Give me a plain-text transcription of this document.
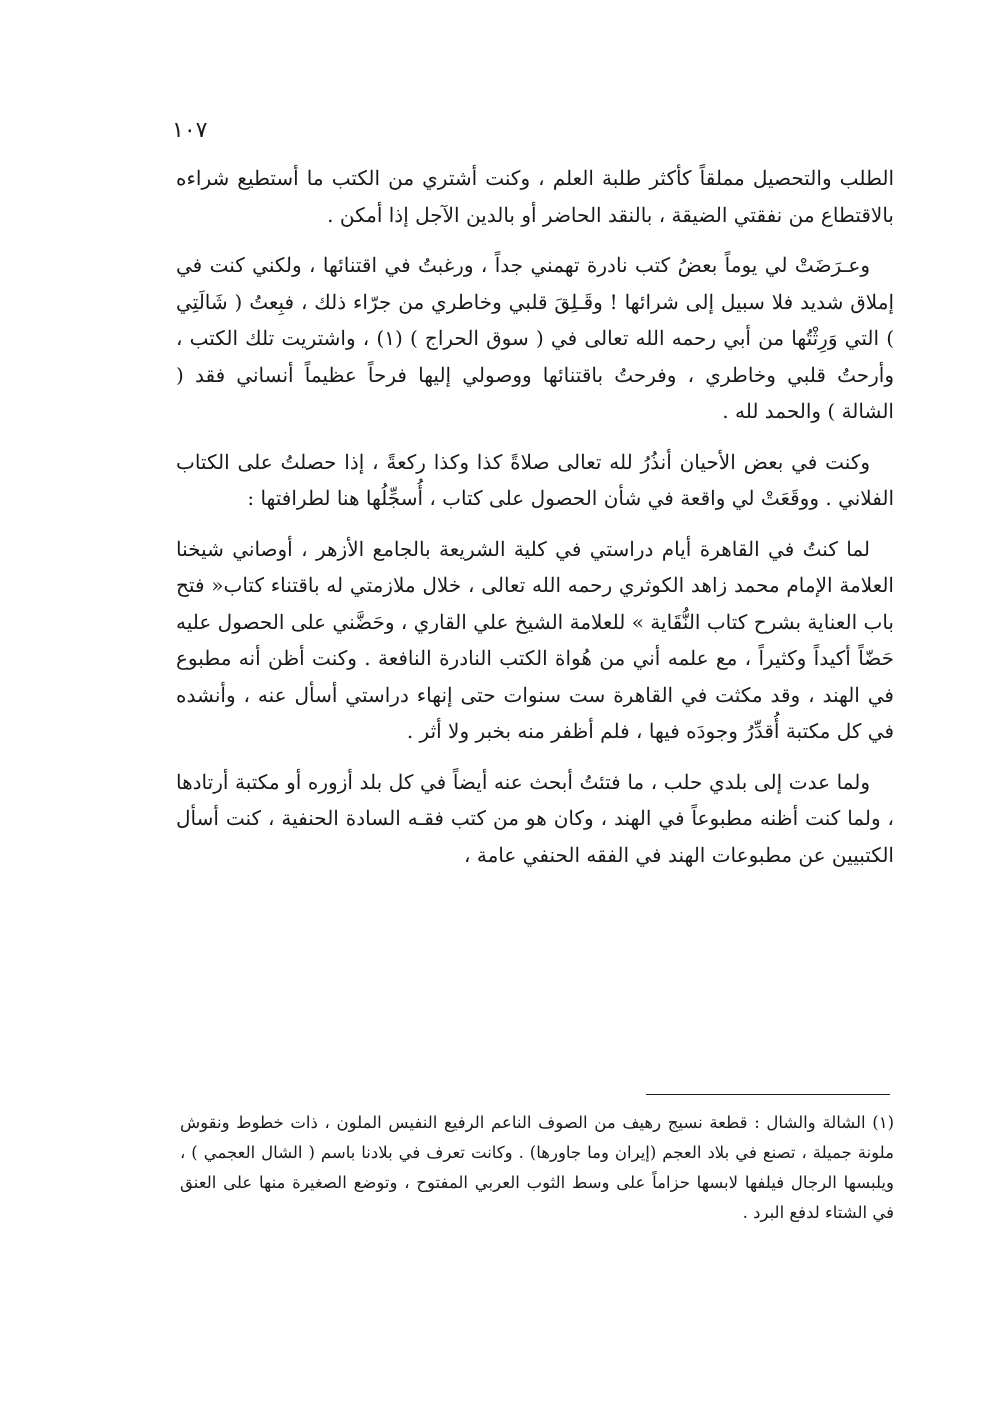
١٠٧

الطلب والتحصيل مملقاً كأكثر طلبة العلم ، وكنت أشتري من الكتب ما أستطيع شراءه بالاقتطاع من نفقتي الضيقة ، بالنقد الحاضر أو بالدين الآجل إذا أمكن .

وعـرَضَتْ لي يوماً بعضُ كتب نادرة تهمني جداً ، ورغبتُ في اقتنائها ، ولكني كنت في إملاق شديد فلا سبيل إلى شرائها ! وقَـلِقَ قلبي وخاطري من جرّاء ذلك ، فبِعتُ ( شَالَتِي ) التي وَرِثْتُها من أبي رحمه الله تعالى في ( سوق الحراج ) (١) ، واشتريت تلك الكتب ، وأرحتُ قلبي وخاطري ، وفرحتُ باقتنائها ووصولي إليها فرحاً عظيماً أنساني فقد ( الشالة ) والحمد لله .

وكنت في بعض الأحيان أنذُرُ لله تعالى صلاةً كذا وكذا ركعةً ، إذا حصلتُ على الكتاب الفلاني . ووقَعَتْ لي واقعة في شأن الحصول على كتاب ، أُسجِّلُها هنا لطرافتها :

لما كنتُ في القاهرة أيام دراستي في كلية الشريعة بالجامع الأزهر ، أوصاني شيخنا العلامة الإمام محمد زاهد الكوثري رحمه الله تعالى ، خلال ملازمتي له باقتناء كتاب« فتح باب العناية بشرح كتاب النُّقَاية » للعلامة الشيخ علي القاري ، وحَضَّني على الحصول عليه حَضّاً أكيداً وكثيراً ، مع علمه أني من هُواة الكتب النادرة النافعة . وكنت أظن أنه مطبوع في الهند ، وقد مكثت في القاهرة ست سنوات حتى إنهاء دراستي أسأل عنه ، وأنشده في كل مكتبة أُقدِّرُ وجودَه فيها ، فلم أظفر منه بخبر ولا أثر .

ولما عدت إلى بلدي حلب ، ما فتئتُ أبحث عنه أيضاً في كل بلد أزوره أو مكتبة أرتادها ، ولما كنت أظنه مطبوعاً في الهند ، وكان هو من كتب فقـه السادة الحنفية ، كنت أسأل الكتبيين عن مطبوعات الهند في الفقه الحنفي عامة ،

(١) الشالة والشال : قطعة نسيج رهيف من الصوف الناعم الرفيع النفيس الملون ، ذات خطوط ونقوش ملونة جميلة ، تصنع في بلاد العجم (إيران وما جاورها) . وكانت تعرف في بلادنا باسم ( الشال العجمي ) ، ويلبسها الرجال فيلفها لابسها حزاماً على وسط الثوب العربي المفتوح ، وتوضع الصغيرة منها على العنق في الشتاء لدفع البرد .
